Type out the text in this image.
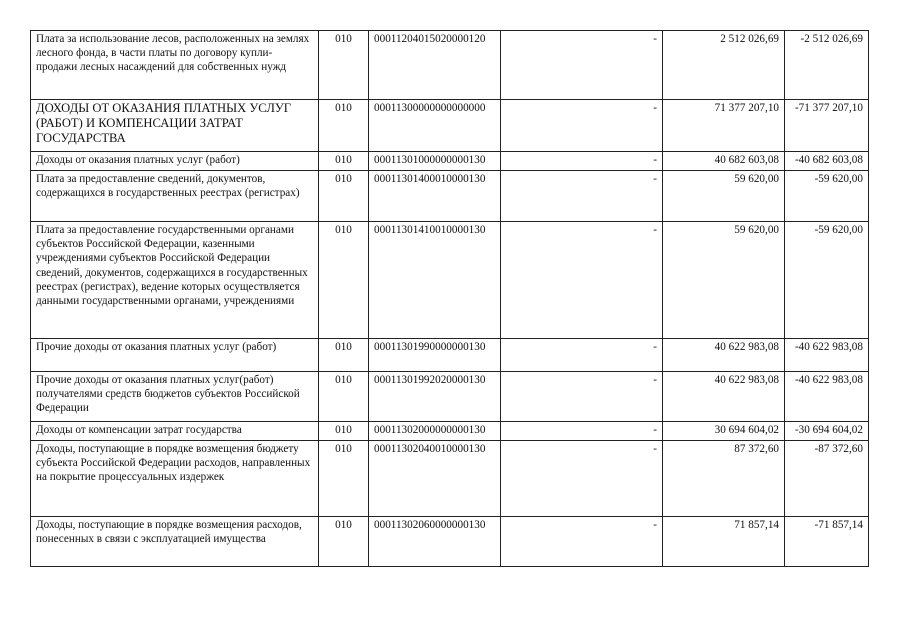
Плата за использование лесов, расположенных на землях лесного фонда, в части платы по договору купли-продажи лесных насаждений для собственных нужд	010	00011204015020000120	-	2 512 026,69	-2 512 026,69
ДОХОДЫ ОТ ОКАЗАНИЯ ПЛАТНЫХ УСЛУГ (РАБОТ) И КОМПЕНСАЦИИ ЗАТРАТ ГОСУДАРСТВА	010	00011300000000000000	-	71 377 207,10	-71 377 207,10
Доходы от оказания платных услуг (работ)	010	00011301000000000130	-	40 682 603,08	-40 682 603,08
Плата за предоставление сведений, документов, содержащихся в государственных реестрах (регистрах)	010	00011301400010000130	-	59 620,00	-59 620,00
Плата за предоставление государственными органами субъектов Российской Федерации, казенными учреждениями субъектов Российской Федерации сведений, документов, содержащихся в государственных реестрах (регистрах), ведение которых осуществляется данными государственными органами, учреждениями	010	00011301410010000130	-	59 620,00	-59 620,00
Прочие доходы от оказания платных услуг (работ)	010	00011301990000000130	-	40 622 983,08	-40 622 983,08
Прочие доходы от оказания платных услуг(работ) получателями средств бюджетов субъектов Российской Федерации	010	00011301992020000130	-	40 622 983,08	-40 622 983,08
Доходы от компенсации затрат государства	010	00011302000000000130	-	30 694 604,02	-30 694 604,02
Доходы, поступающие в порядке возмещения бюджету субъекта Российской Федерации расходов, направленных на покрытие процессуальных издержек	010	00011302040010000130	-	87 372,60	-87 372,60
Доходы, поступающие в порядке возмещения расходов, понесенных в связи с эксплуатацией имущества	010	00011302060000000130	-	71 857,14	-71 857,14
